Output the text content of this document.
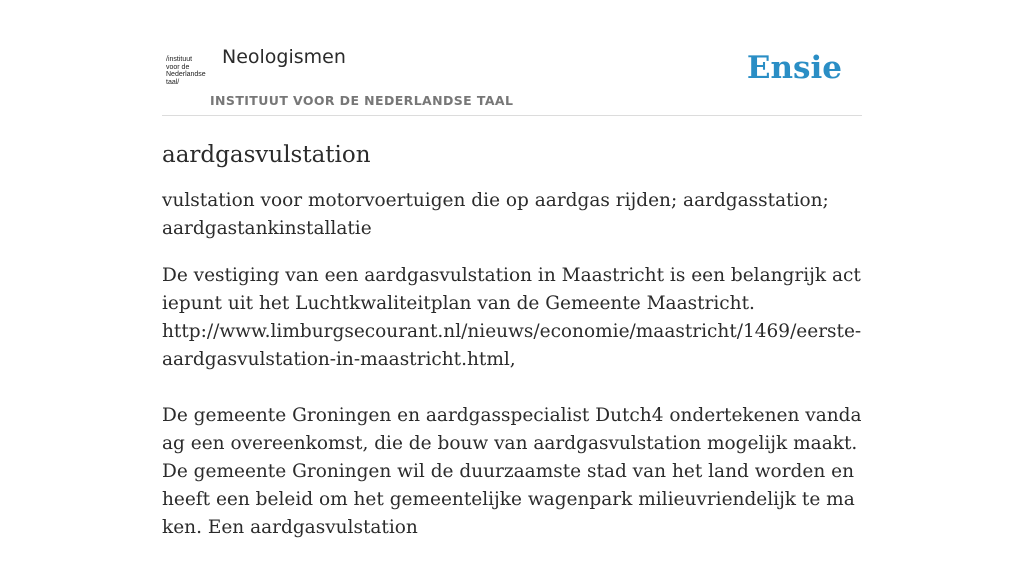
/instituut
voor de
Nederlandse
taal/
Neologismen
INSTITUUT VOOR DE NEDERLANDSE TAAL
Ensie
aardgasvulstation

vulstation voor motorvoertuigen die op aardgas rijden; aardgasstation; aardgastankinstallatie

De vestiging van een aardgasvulstation in Maastricht is een belangrijk actiepunt uit het Luchtkwaliteitplan van de Gemeente Maastricht.
http://www.limburgsecourant.nl/nieuws/economie/maastricht/1469/eerste-aardgasvulstation-in-maastricht.html,

De gemeente Groningen en aardgasspecialist Dutch4 ondertekenen vandaag een overeenkomst, die de bouw van aardgasvulstation mogelijk maakt. De gemeente Groningen wil de duurzaamste stad van het land worden en heeft een beleid om het gemeentelijke wagenpark milieuvriendelijk te maken. Een aardgasvulstation
